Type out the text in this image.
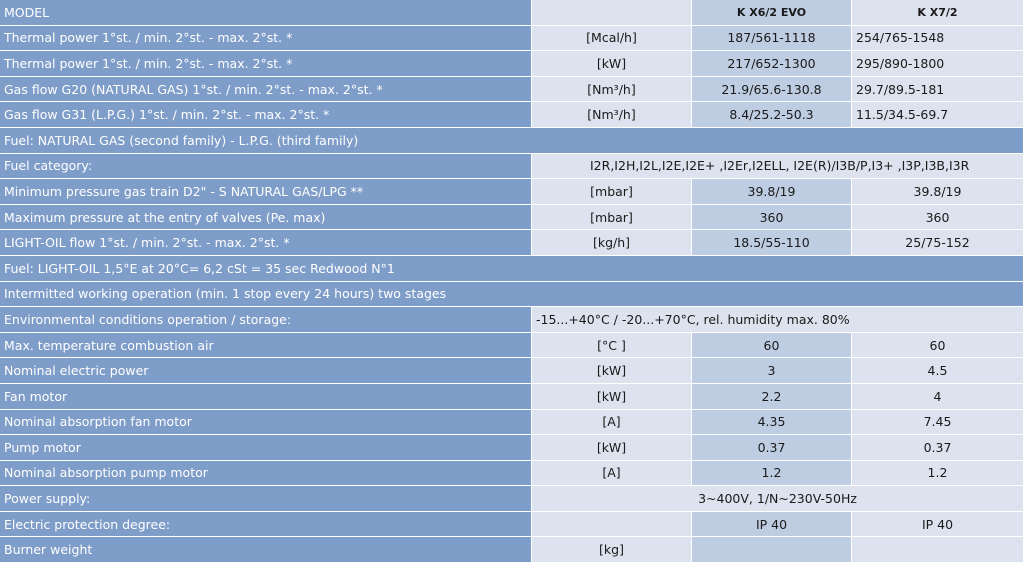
MODEL		K X6/2 EVO	K X7/2
Thermal power 1°st. / min. 2°st. - max. 2°st. *	[Mcal/h]	187/561-1118	254/765-1548
Thermal power 1°st. / min. 2°st. - max. 2°st. *	[kW]	217/652-1300	295/890-1800
Gas flow G20 (NATURAL GAS) 1°st. / min. 2°st. - max. 2°st. *	[Nm³/h]	21.9/65.6-130.8	29.7/89.5-181
Gas flow G31 (L.P.G.) 1°st. / min. 2°st. - max. 2°st. *	[Nm³/h]	8.4/25.2-50.3	11.5/34.5-69.7
Fuel: NATURAL GAS (second family) - L.P.G. (third family)			
Fuel category:	I2R,I2H,I2L,I2E,I2E+ ,I2Er,I2ELL, I2E(R)/I3B/P,I3+ ,I3P,I3B,I3R		
Minimum pressure gas train D2" - S NATURAL GAS/LPG **	[mbar]	39.8/19	39.8/19
Maximum pressure at the entry of valves (Pe. max)	[mbar]	360	360
LIGHT-OIL flow 1°st. / min. 2°st. - max. 2°st. *	[kg/h]	18.5/55-110	25/75-152
Fuel: LIGHT-OIL 1,5°E at 20°C= 6,2 cSt = 35 sec Redwood N°1			
Intermitted working operation (min. 1 stop every 24 hours) two stages			
Environmental conditions operation / storage:	-15...+40°C / -20...+70°C, rel. humidity max. 80%		
Max. temperature combustion air	[°C ]	60	60
Nominal electric power	[kW]	3	4.5
Fan motor	[kW]	2.2	4
Nominal absorption fan motor	[A]	4.35	7.45
Pump motor	[kW]	0.37	0.37
Nominal absorption pump motor	[A]	1.2	1.2
Power supply:	3~400V, 1/N~230V-50Hz		
Electric protection degree:		IP 40	IP 40
Burner weight	[kg]		
